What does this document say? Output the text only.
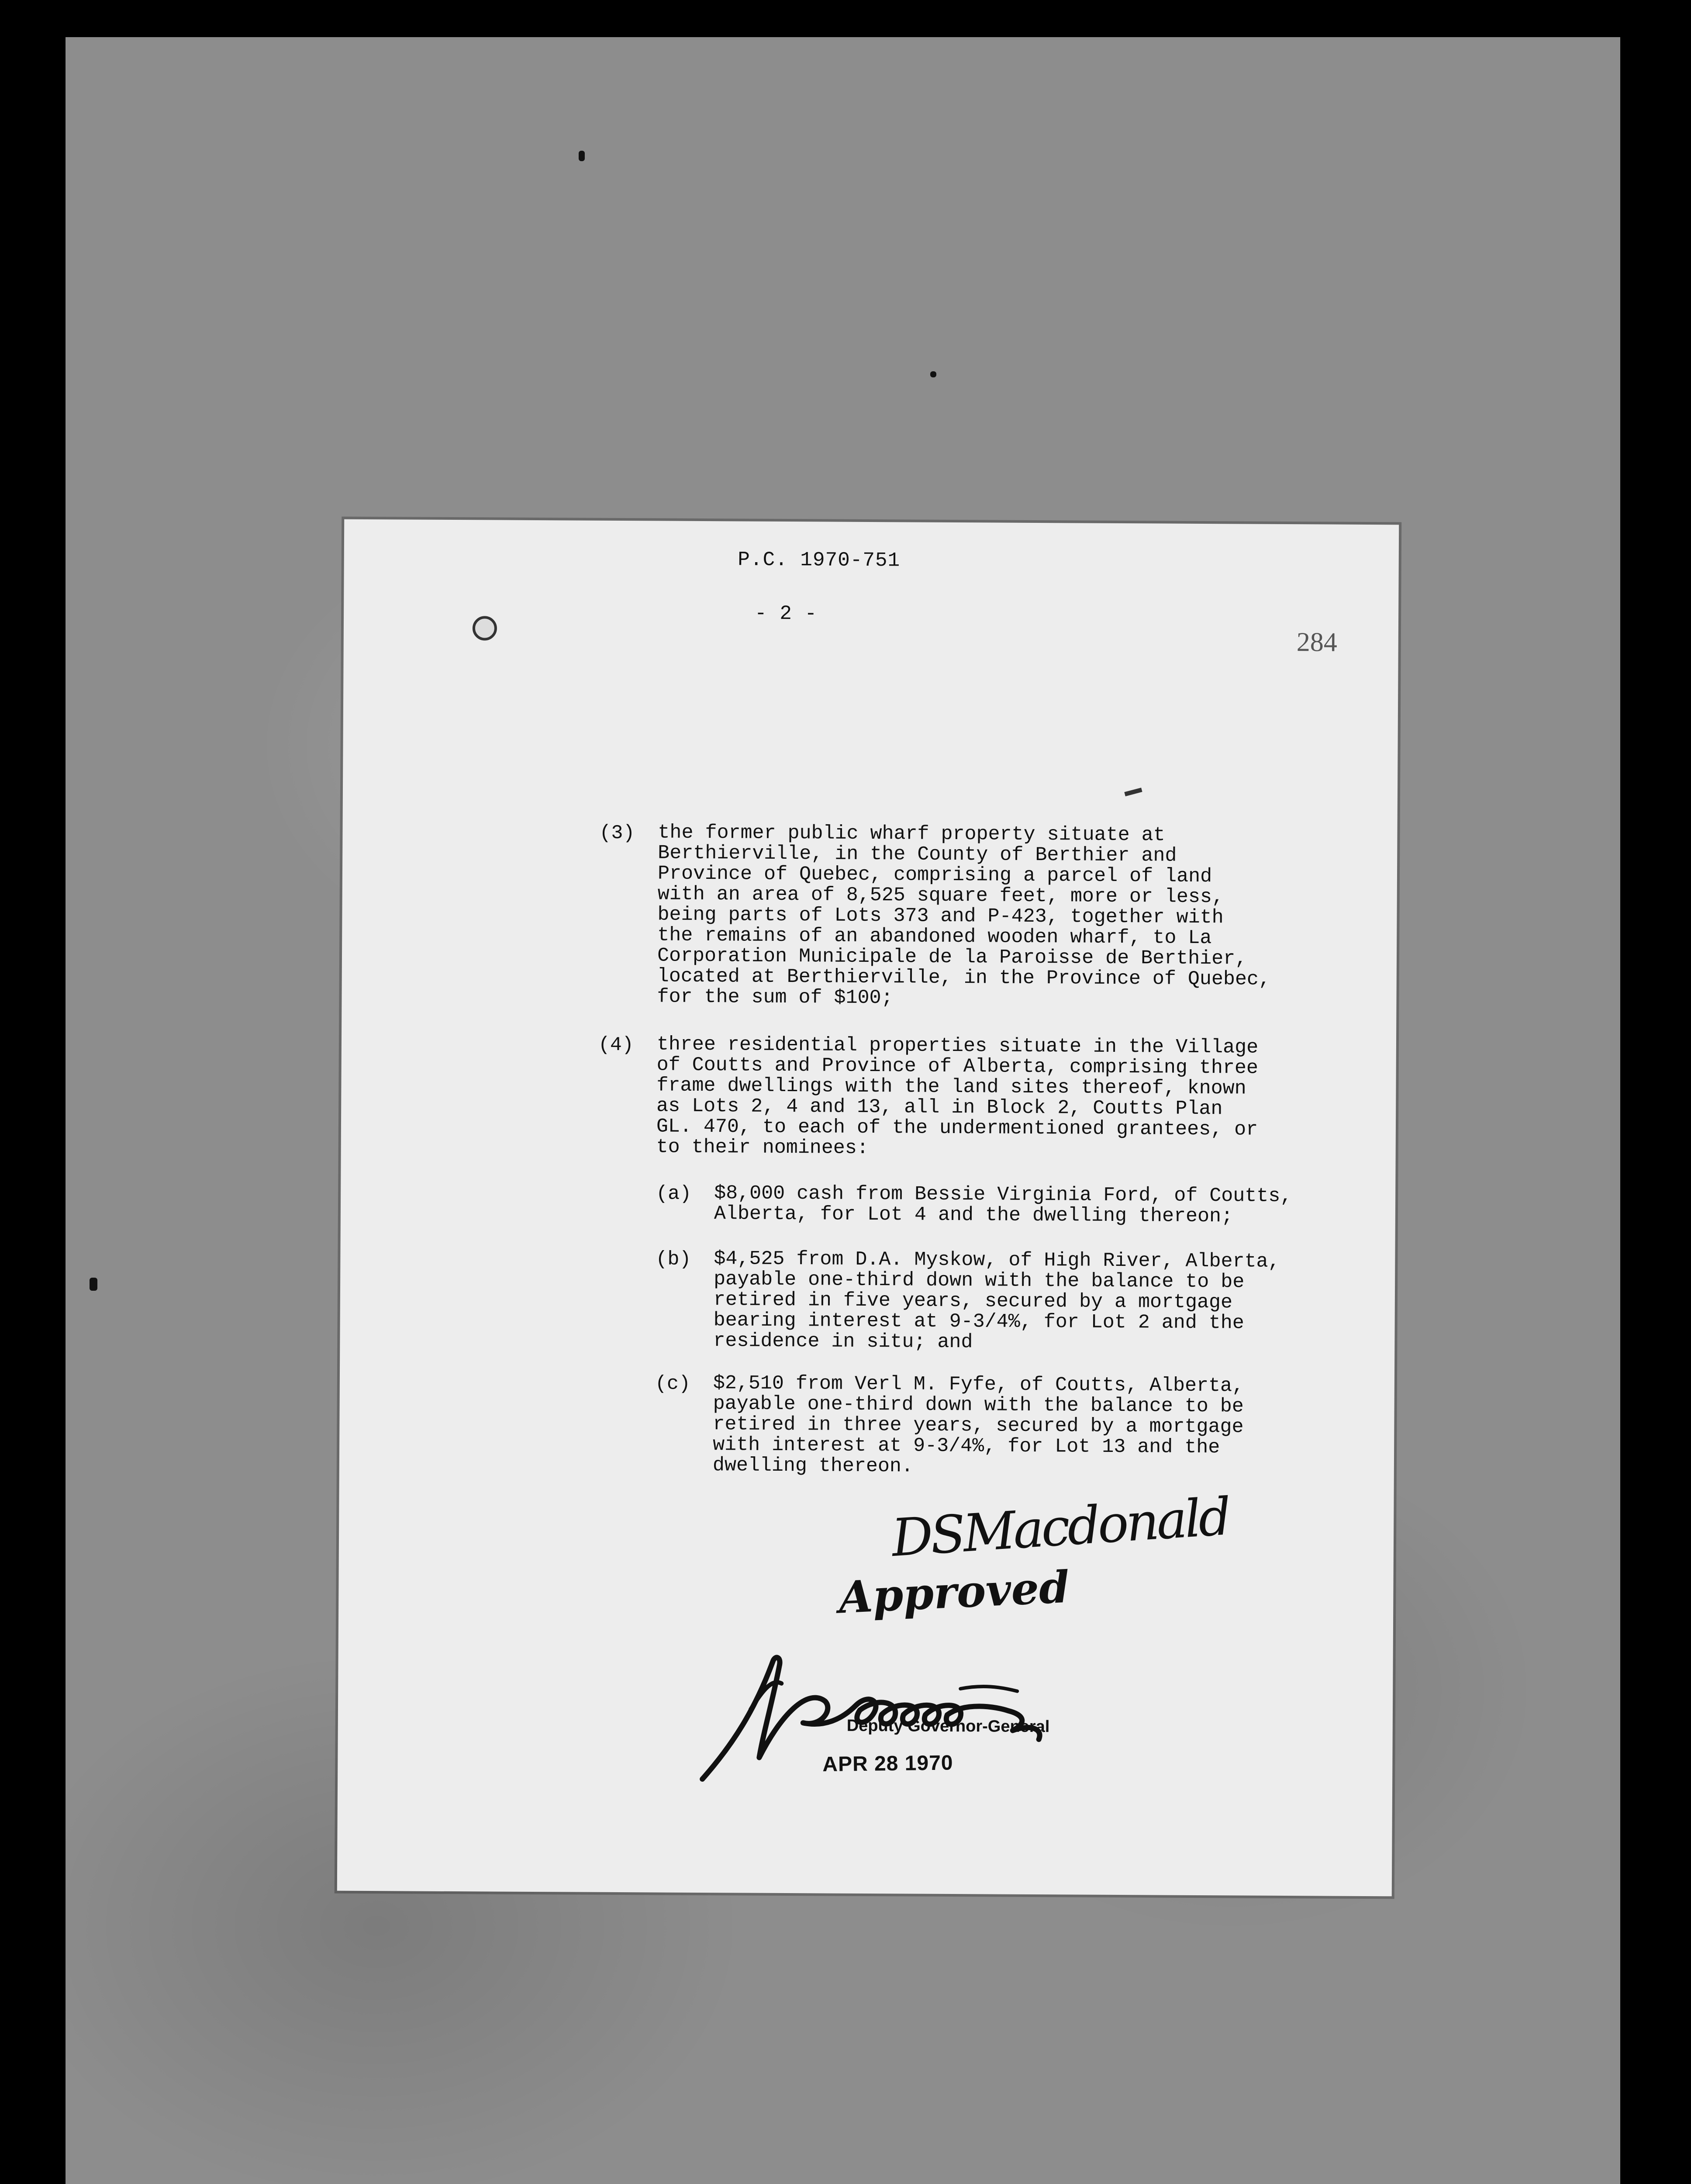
P.C. 1970-751
- 2 -
284
(3) the former public wharf property situate at
Berthierville, in the County of Berthier and
Province of Quebec, comprising a parcel of land
with an area of 8,525 square feet, more or less,
being parts of Lots 373 and P-423, together with
the remains of an abandoned wooden wharf, to La
Corporation Municipale de la Paroisse de Berthier,
located at Berthierville, in the Province of Quebec,
for the sum of $100;
(4) three residential properties situate in the Village
of Coutts and Province of Alberta, comprising three
frame dwellings with the land sites thereof, known
as Lots 2, 4 and 13, all in Block 2, Coutts Plan
GL. 470, to each of the undermentioned grantees, or
to their nominees:
(a) $8,000 cash from Bessie Virginia Ford, of Coutts,
Alberta, for Lot 4 and the dwelling thereon;
(b) $4,525 from D.A. Myskow, of High River, Alberta,
payable one-third down with the balance to be
retired in five years, secured by a mortgage
bearing interest at 9-3/4%, for Lot 2 and the
residence in situ; and
(c) $2,510 from Verl M. Fyfe, of Coutts, Alberta,
payable one-third down with the balance to be
retired in three years, secured by a mortgage
with interest at 9-3/4%, for Lot 13 and the
dwelling thereon.
DSMacdonald
Approved
Deputy Governor-General
APR 28 1970
